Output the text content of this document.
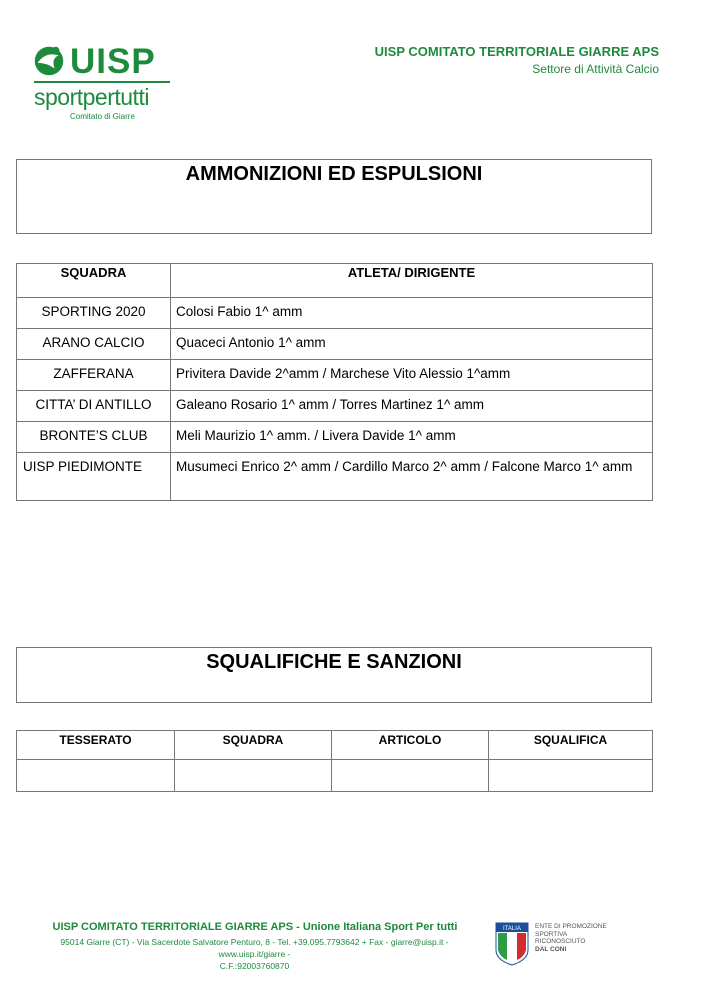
UISP
sportpertutti
Comitato di Giarre
UISP COMITATO TERRITORIALE GIARRE APS
Settore di Attività Calcio
AMMONIZIONI ED ESPULSIONI
SQUADRA	ATLETA/ DIRIGENTE
SPORTING 2020	Colosi Fabio 1^ amm
ARANO CALCIO	Quaceci Antonio 1^ amm
ZAFFERANA	Privitera Davide 2^amm / Marchese Vito Alessio 1^amm
CITTA’ DI ANTILLO	Galeano Rosario 1^ amm / Torres Martinez 1^ amm
BRONTE’S CLUB	Meli Maurizio 1^ amm. / Livera Davide 1^ amm
UISP PIEDIMONTE	Musumeci Enrico 2^ amm / Cardillo Marco 2^ amm / Falcone Marco 1^ amm
SQUALIFICHE E SANZIONI
TESSERATO	SQUADRA	ARTICOLO	SQUALIFICA

UISP COMITATO TERRITORIALE GIARRE APS - Unione Italiana Sport Per tutti
95014 Giarre (CT) - Via Sacerdote Salvatore Penturo, 8 - Tel. +39.095.7793642 + Fax - giarre@uisp.it - www.uisp.it/giarre -
C.F.:92003760870
ITALIA ENTE DI PROMOZIONE
SPORTIVA
RICONOSCIUTO
DAL CONI
